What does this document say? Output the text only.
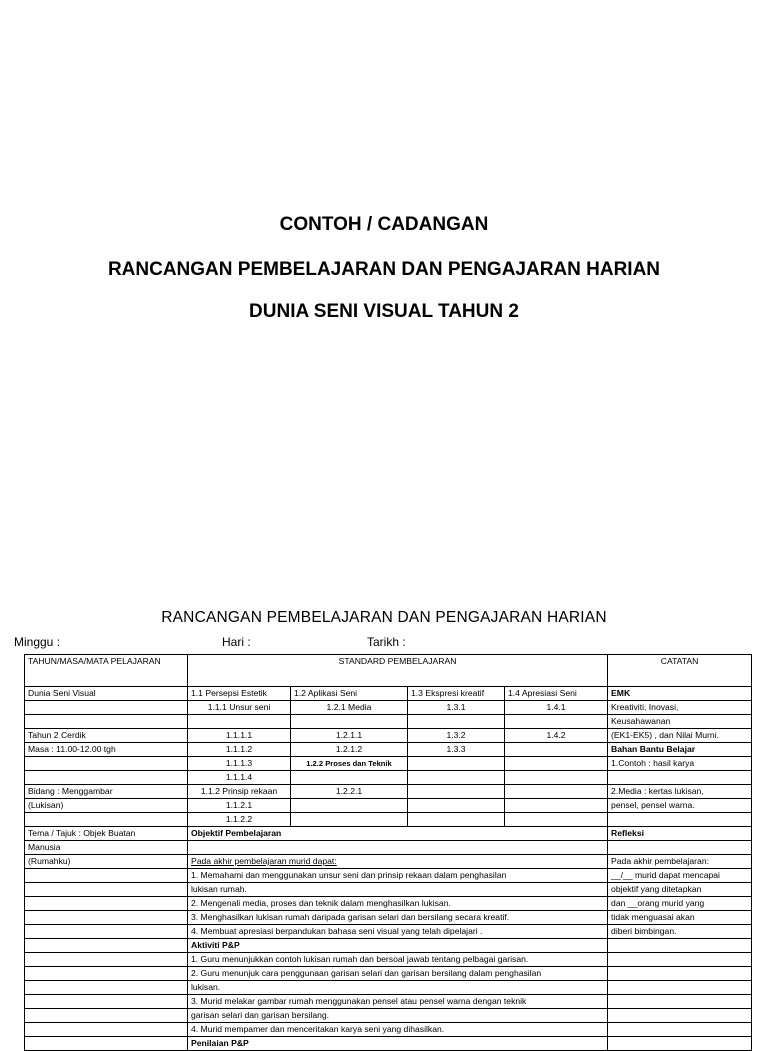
CONTOH / CADANGAN
RANCANGAN PEMBELAJARAN DAN PENGAJARAN HARIAN
DUNIA SENI VISUAL TAHUN 2
RANCANGAN PEMBELAJARAN DAN PENGAJARAN HARIAN
Minggu :	Hari :	Tarikh :
TAHUN/MASA/MATA PELAJARAN	STANDARD PEMBELAJARAN				CATATAN
Dunia Seni Visual	1.1 Persepsi Estetik	1.2 Aplikasi Seni	1.3 Ekspresi kreatif	1.4 Apresiasi Seni	EMK
	1.1.1 Unsur seni	1.2.1 Media	1.3.1	1.4.1	Kreativiti, Inovasi,
					Keusahawanan
Tahun 2 Cerdik	1.1.1.1	1.2.1.1	1.3.2	1.4.2	(EK1-EK5) , dan Nilai Murni.
Masa : 11.00-12.00 tgh	1.1.1.2	1.2.1.2	1.3.3		Bahan Bantu Belajar
	1.1.1.3	1.2.2 Proses dan Teknik			1.Contoh : hasil karya
	1.1.1.4				
Bidang : Menggambar	1.1.2 Prinsip rekaan	1.2.2.1			2.Media : kertas lukisan,
(Lukisan)	1.1.2.1				pensel, pensel warna.
	1.1.2.2				
Tema / Tajuk : Objek Buatan	Objektif Pembelajaran				Refleksi
Manusia					
(Rumahku)	Pada akhir pembelajaran murid dapat:				Pada akhir pembelajaran:
	1. Memahami dan menggunakan unsur seni dan prinsip rekaan dalam penghasilan				__/__ murid dapat mencapai
	lukisan rumah.				objektif yang ditetapkan
	2. Mengenali media, proses dan teknik dalam menghasilkan lukisan.				dan __orang murid yang
	3. Menghasilkan lukisan rumah daripada garisan selari dan bersilang secara kreatif.				tidak menguasai akan
	4. Membuat apresiasi berpandukan bahasa seni visual yang telah dipelajari .				diberi bimbingan.
	Aktiviti P&P				
	1. Guru menunjukkan contoh lukisan rumah dan bersoal jawab tentang pelbagai garisan.				
	2. Guru menunjuk cara penggunaan garisan selari dan garisan bersilang dalam penghasilan				
	lukisan.				
	3. Murid melakar gambar rumah menggunakan pensel atau pensel warna dengan teknik				
	garisan selari dan garisan bersilang.				
	4. Murid mempamer dan menceritakan karya seni yang dihasilkan.				
	Penilaian P&P				
